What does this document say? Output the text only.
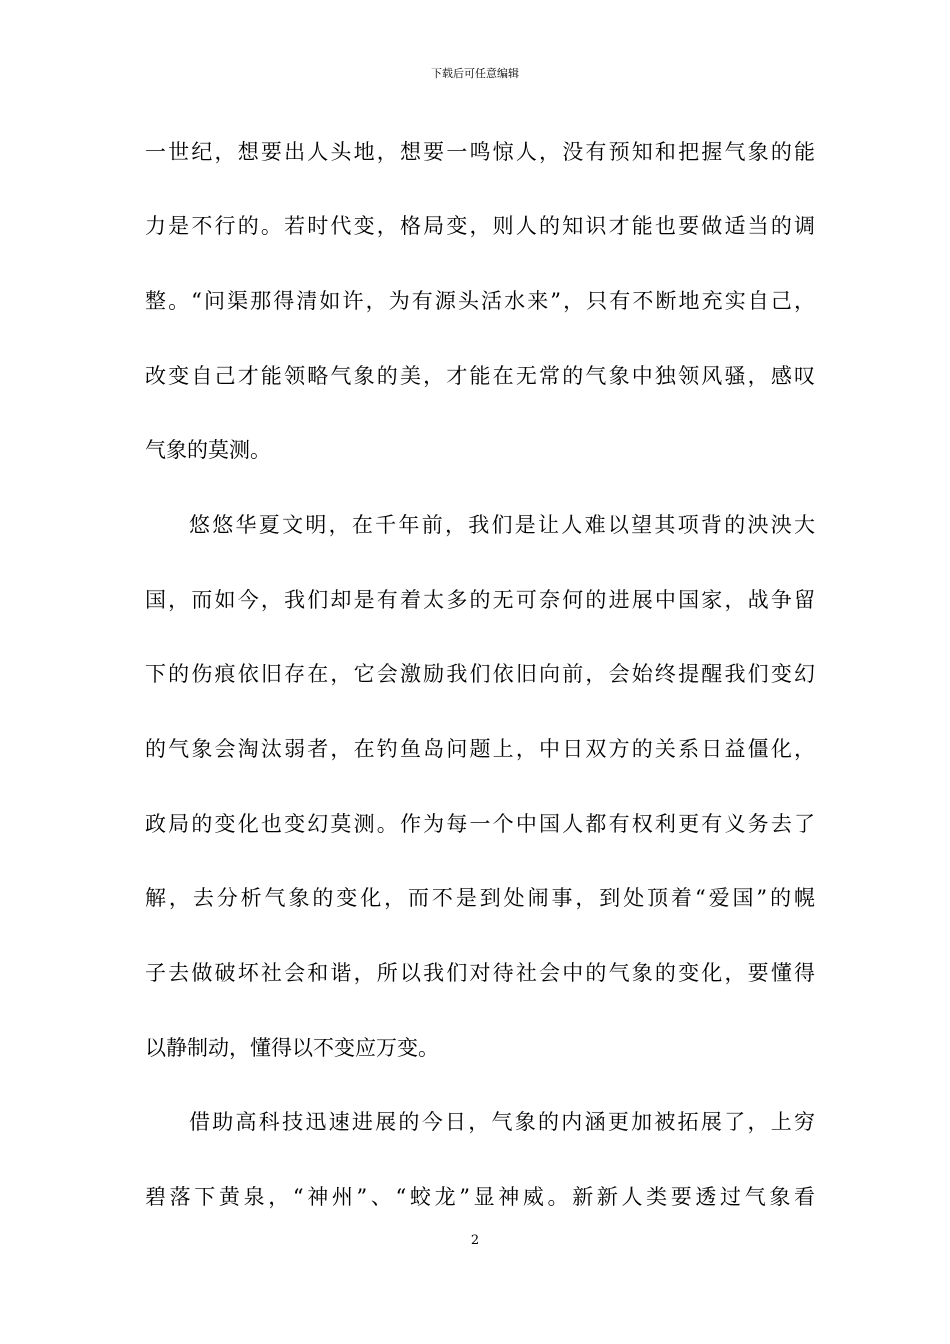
下载后可任意编辑
一世纪，想要出人头地，想要一鸣惊人，没有预知和把握气象的能
力是不行的。若时代变，格局变，则人的知识才能也要做适当的调
整。“问渠那得清如许，为有源头活水来”，只有不断地充实自己，
改变自己才能领略气象的美，才能在无常的气象中独领风骚，感叹
气象的莫测。
悠悠华夏文明，在千年前，我们是让人难以望其项背的泱泱大
国，而如今，我们却是有着太多的无可奈何的进展中国家，战争留
下的伤痕依旧存在，它会激励我们依旧向前，会始终提醒我们变幻
的气象会淘汰弱者，在钓鱼岛问题上，中日双方的关系日益僵化，
政局的变化也变幻莫测。作为每一个中国人都有权利更有义务去了
解，去分析气象的变化，而不是到处闹事，到处顶着“爱国”的幌
子去做破坏社会和谐，所以我们对待社会中的气象的变化，要懂得
以静制动，懂得以不变应万变。
借助高科技迅速进展的今日，气象的内涵更加被拓展了，上穷
碧落下黄泉，“神州”、“蛟龙”显神威。新新人类要透过气象看
2
